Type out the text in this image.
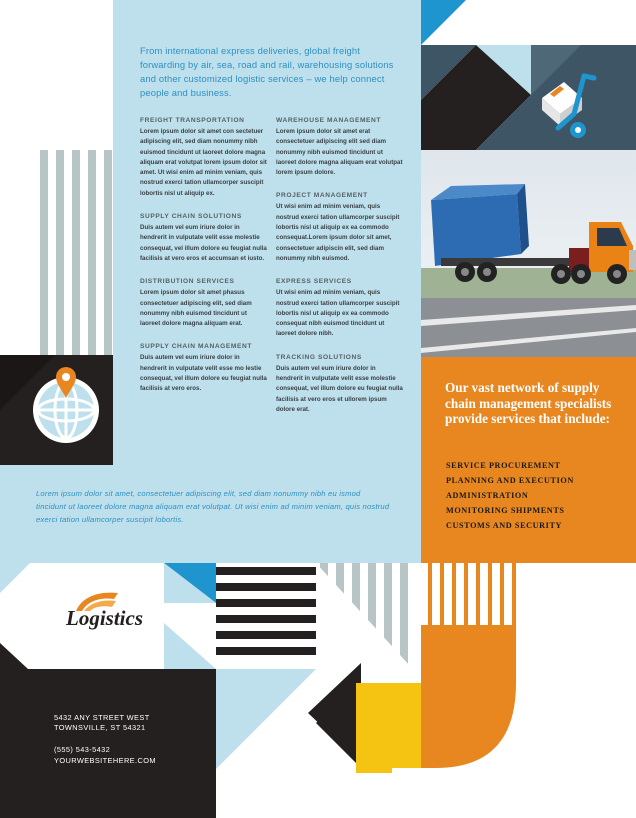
From international express deliveries, global freight forwarding by air, sea, road and rail, warehousing solutions and other customized logistic services – we help connect people and business.

FREIGHT TRANSPORTATION

Lorem ipsum dolor sit amet con sectetuer adipiscing elit, sed diam nonummy nibh euismod tincidunt ut laoreet dolore magna aliquam erat volutpat lorem ipsum dolor sit amet. Ut wisi enim ad minim veniam, quis nostrud exerci tation ullamcorper suscipit lobortis nisl ut aliquip ex.

SUPPLY CHAIN SOLUTIONS

Duis autem vel eum iriure dolor in hendrerit in vulputate velit esse molestie consequat, vel illum dolore eu feugiat nulla facilisis at vero eros et accumsan et iusto.

DISTRIBUTION SERVICES

Lorem ipsum dolor sit amet phasus consectetuer adipiscing elit, sed diam nonummy nibh euismod tincidunt ut laoreet dolore magna aliquam erat.

SUPPLY CHAIN MANAGEMENT

Duis autem vel eum iriure dolor in hendrerit in vulputate velit esse mo lestie consequat, vel illum dolore eu feugiat nulla facilisis at vero eros.

WAREHOUSE MANAGEMENT

Lorem ipsum dolor sit amet erat consectetuer adipiscing elit sed diam nonummy nibh euismod tincidunt ut laoreet dolore magna aliquam erat volutpat lorem ipsum dolore.

PROJECT MANAGEMENT

Ut wisi enim ad minim veniam, quis nostrud exerci tation ullamcorper suscipit lobortis nisl ut aliquip ex ea commodo consequat.Lorem ipsum dolor sit amet, consectetuer adipiscin elit, sed diam nonummy nibh euismod.

EXPRESS SERVICES

Ut wisi enim ad minim veniam, quis nostrud exerci tation ullamcorper suscipit lobortis nisl ut aliquip ex ea commodo consequat nibh euismod tincidunt ut laoreet dolore nibh.

TRACKING SOLUTIONS

Duis autem vel eum iriure dolor in hendrerit in vulputate velit esse molestie consequat, vel illum dolore eu feugiat nulla facilisis at vero eros et ullorem ipsum dolore erat.

Lorem ipsum dolor sit amet, consectetuer adipiscing elit, sed diam nonummy nibh eu ismod tincidunt ut laoreet dolore magna aliquam erat volutpat. Ut wisi enim ad minim veniam, quis nostrud exerci tation ullamcorper suscipit lobortis.
Our vast network of supply chain management specialists provide services that include:
SERVICE PROCUREMENT
PLANNING AND EXECUTION
ADMINISTRATION
MONITORING SHIPMENTS
CUSTOMS AND SECURITY
Logistics
5432 ANY STREET WEST
TOWNSVILLE, ST 54321
(555) 543-5432
YOURWEBSITEHERE.COM
